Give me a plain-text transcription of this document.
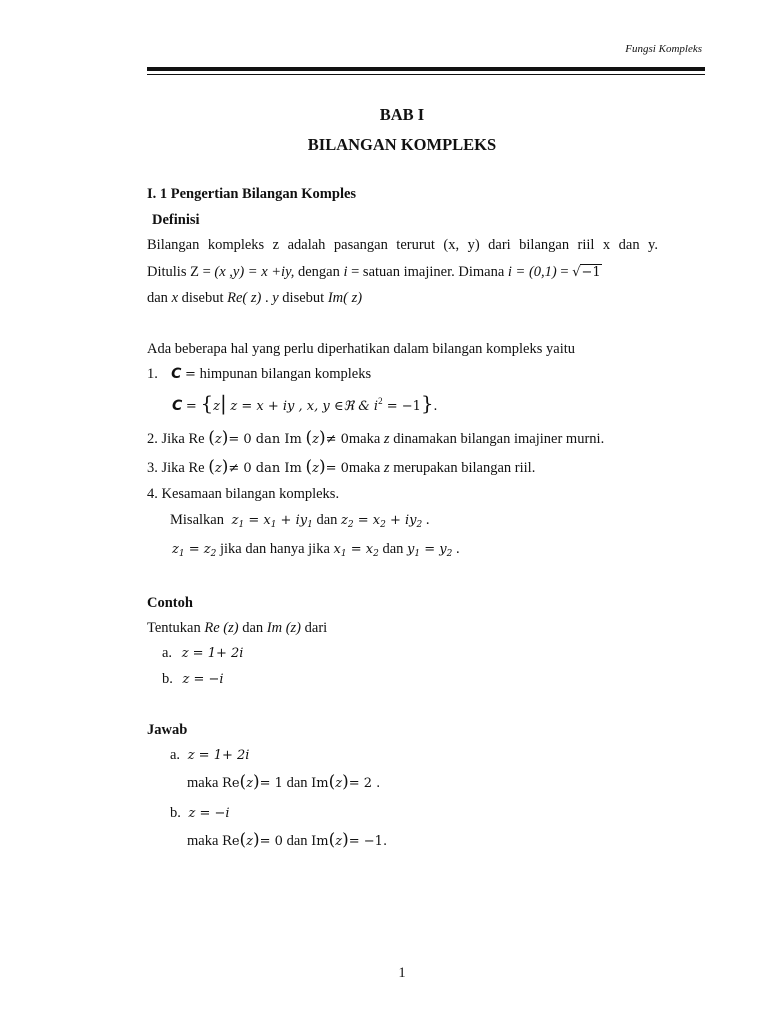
Fungsi Kompleks
BAB I
BILANGAN KOMPLEKS
I. 1 Pengertian Bilangan Komples
Definisi
Bilangan kompleks z adalah pasangan terurut (x, y) dari bilangan riil x dan y.
Ditulis Z = (x ,y) = x +iy, dengan i = satuan imajiner. Dimana i = (0,1) = √−1
dan x disebut Re( z) . y disebut Im( z)
Ada beberapa hal yang perlu diperhatikan dalam bilangan kompleks yaitu
1. C = himpunan bilangan kompleks
C = {z| z = x + iy , x, y ∈ℜ & $i^2 = -1$}.
2. Jika Re (z)= 0 dan Im (z)≠ 0maka z dinamakan bilangan imajiner murni.
3. Jika Re (z)≠ 0 dan Im (z)= 0maka z merupakan bilangan riil.
4. Kesamaan bilangan kompleks.
Misalkan $z_1 = x_1 + iy_1$ dan $z_2 = x_2 + iy_2$ .
$z_1 = z_2$ jika dan hanya jika $x_1 = x_2$ dan $y_1 = y_2$ .
Contoh
Tentukan Re (z) dan Im (z) dari
a. z = 1+ 2i
b. z = −i
Jawab
a. z = 1+ 2i
maka Re(z)= 1 dan Im(z)= 2 .
b. z = −i
maka Re(z)= 0 dan Im(z)= −1.
1
